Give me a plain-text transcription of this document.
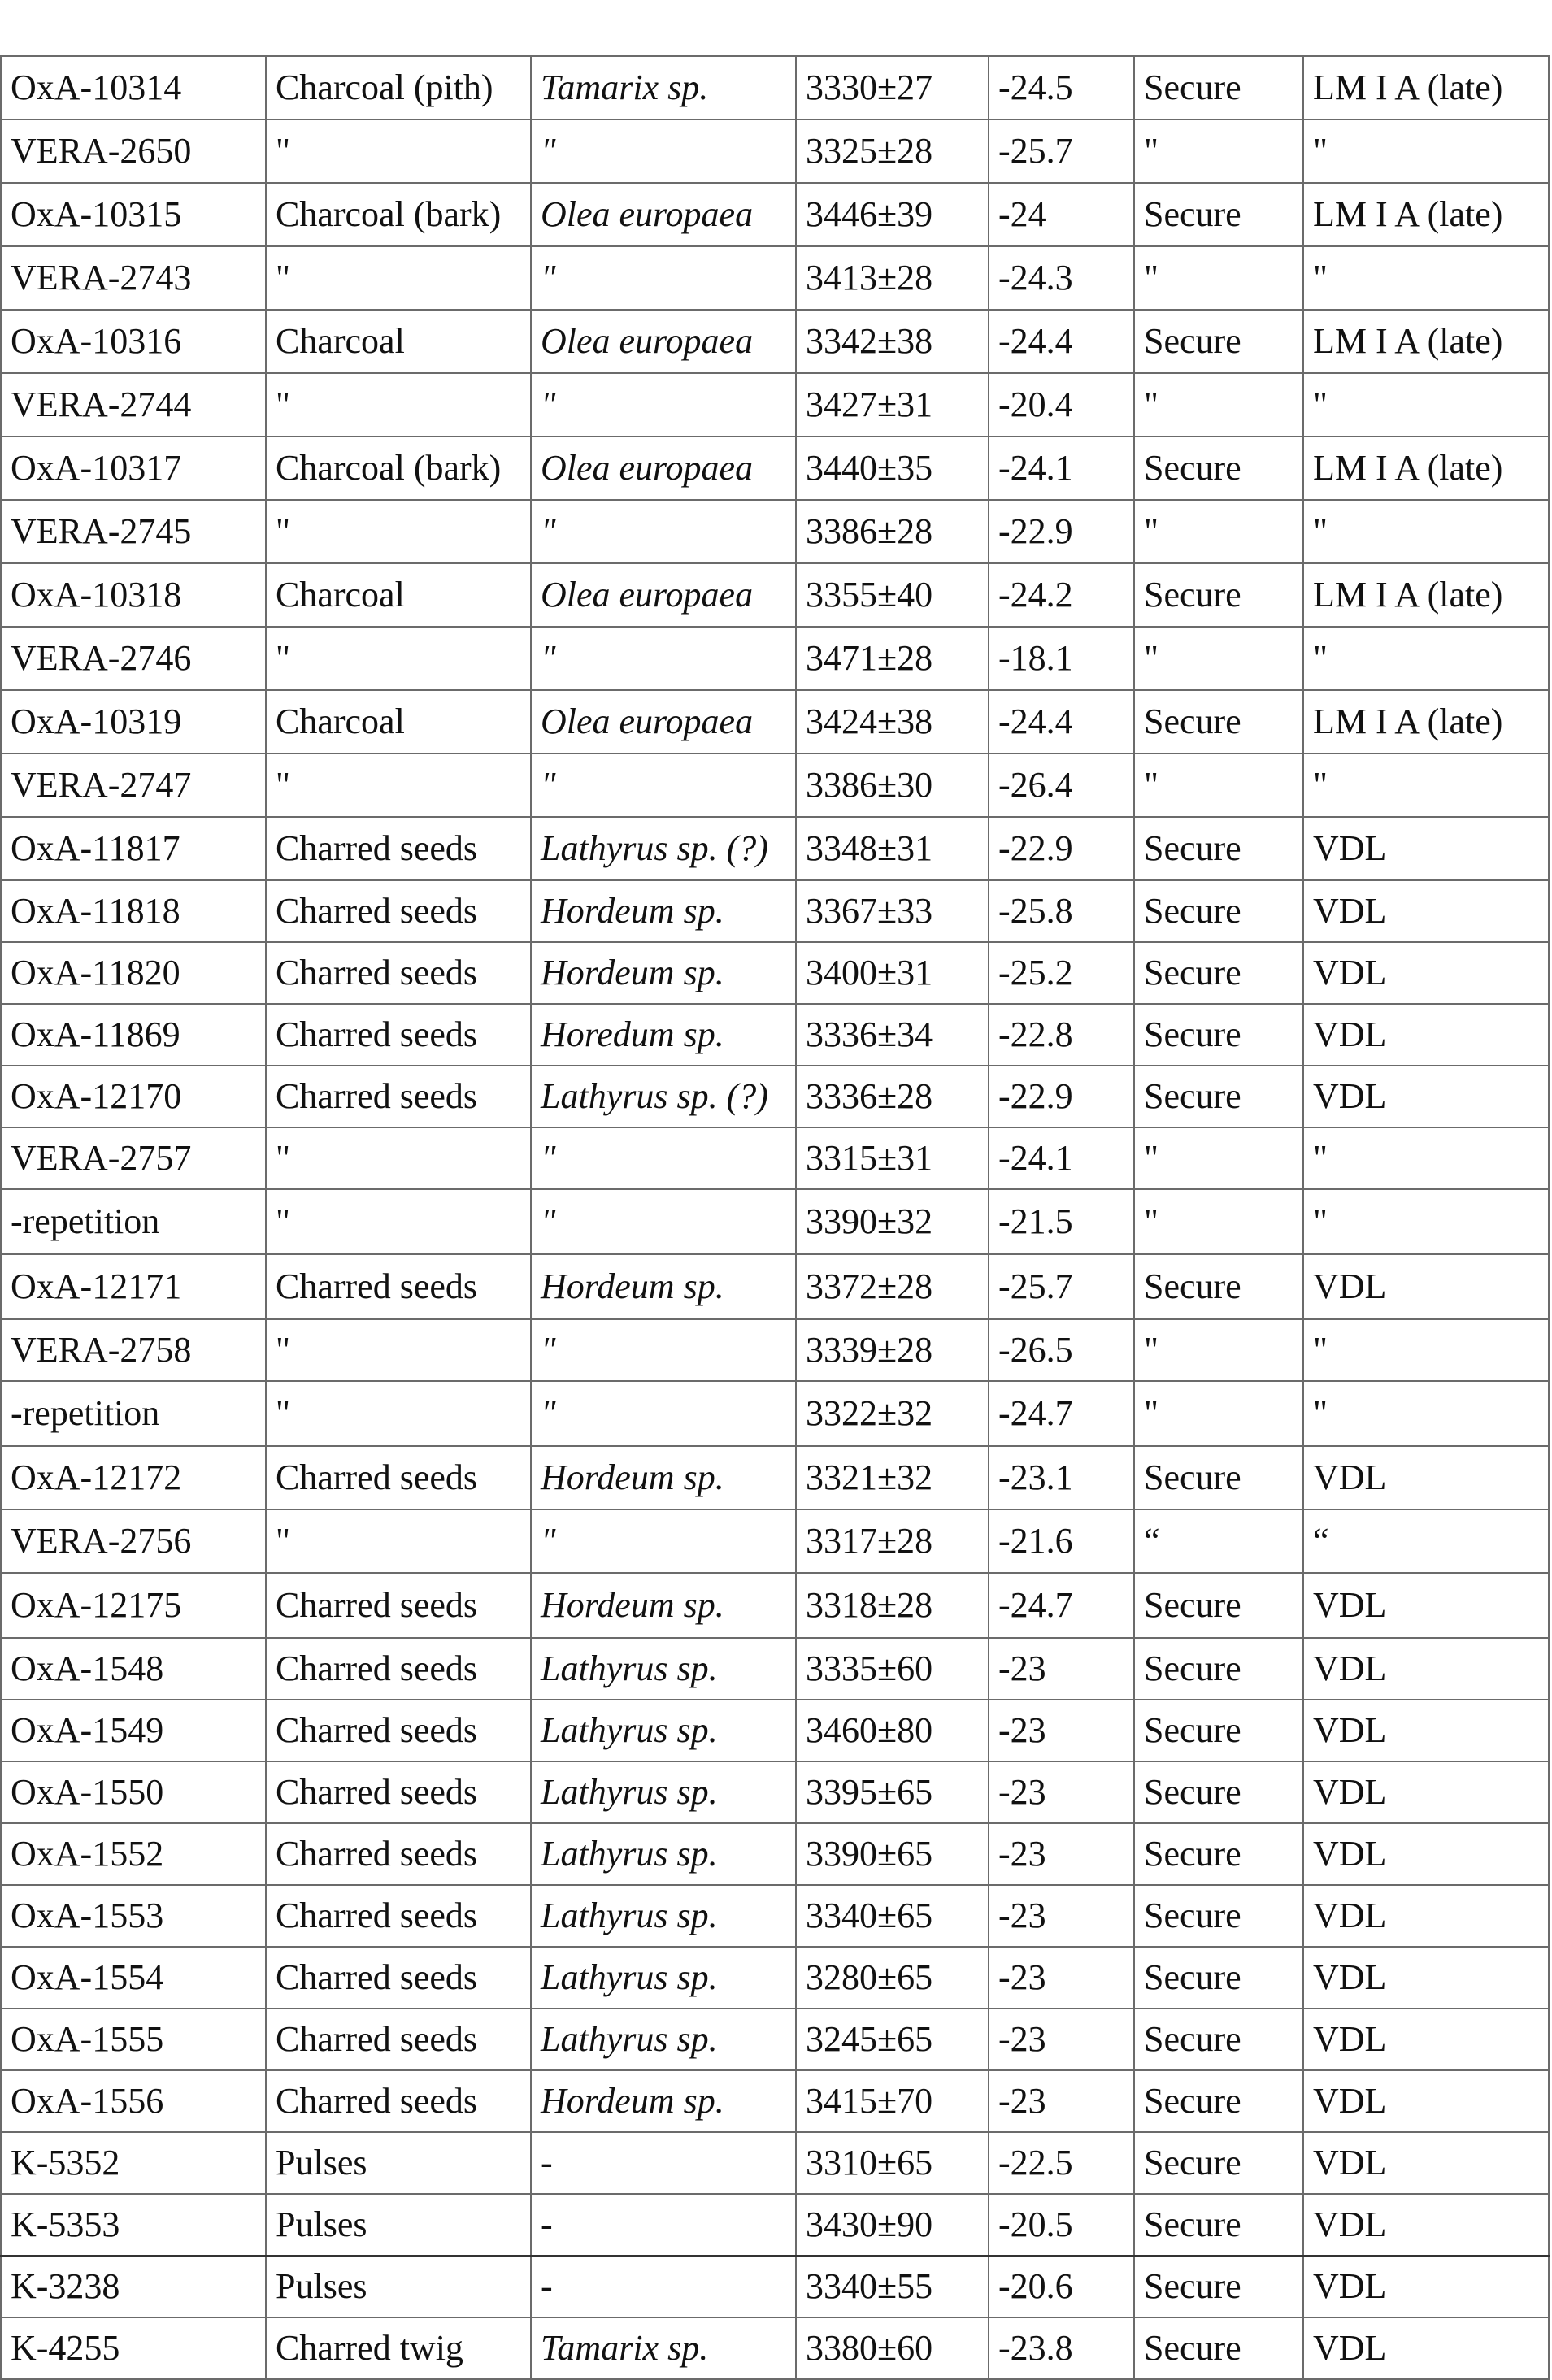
OxA-10314	Charcoal (pith)	Tamarix sp.	3330±27	-24.5	Secure	LM I A (late)
VERA-2650	"	"	3325±28	-25.7	"	"
OxA-10315	Charcoal (bark)	Olea europaea	3446±39	-24	Secure	LM I A (late)
VERA-2743	"	"	3413±28	-24.3	"	"
OxA-10316	Charcoal	Olea europaea	3342±38	-24.4	Secure	LM I A (late)
VERA-2744	"	"	3427±31	-20.4	"	"
OxA-10317	Charcoal (bark)	Olea europaea	3440±35	-24.1	Secure	LM I A (late)
VERA-2745	"	"	3386±28	-22.9	"	"
OxA-10318	Charcoal	Olea europaea	3355±40	-24.2	Secure	LM I A (late)
VERA-2746	"	"	3471±28	-18.1	"	"
OxA-10319	Charcoal	Olea europaea	3424±38	-24.4	Secure	LM I A (late)
VERA-2747	"	"	3386±30	-26.4	"	"
OxA-11817	Charred seeds	Lathyrus sp. (?)	3348±31	-22.9	Secure	VDL
OxA-11818	Charred seeds	Hordeum sp.	3367±33	-25.8	Secure	VDL
OxA-11820	Charred seeds	Hordeum sp.	3400±31	-25.2	Secure	VDL
OxA-11869	Charred seeds	Horedum sp.	3336±34	-22.8	Secure	VDL
OxA-12170	Charred seeds	Lathyrus sp. (?)	3336±28	-22.9	Secure	VDL
VERA-2757	"	"	3315±31	-24.1	"	"
-repetition	"	"	3390±32	-21.5	"	"
OxA-12171	Charred seeds	Hordeum sp.	3372±28	-25.7	Secure	VDL
VERA-2758	"	"	3339±28	-26.5	"	"
-repetition	"	"	3322±32	-24.7	"	"
OxA-12172	Charred seeds	Hordeum sp.	3321±32	-23.1	Secure	VDL
VERA-2756	"	"	3317±28	-21.6	“	“
OxA-12175	Charred seeds	Hordeum sp.	3318±28	-24.7	Secure	VDL
OxA-1548	Charred seeds	Lathyrus sp.	3335±60	-23	Secure	VDL
OxA-1549	Charred seeds	Lathyrus sp.	3460±80	-23	Secure	VDL
OxA-1550	Charred seeds	Lathyrus sp.	3395±65	-23	Secure	VDL
OxA-1552	Charred seeds	Lathyrus sp.	3390±65	-23	Secure	VDL
OxA-1553	Charred seeds	Lathyrus sp.	3340±65	-23	Secure	VDL
OxA-1554	Charred seeds	Lathyrus sp.	3280±65	-23	Secure	VDL
OxA-1555	Charred seeds	Lathyrus sp.	3245±65	-23	Secure	VDL
OxA-1556	Charred seeds	Hordeum sp.	3415±70	-23	Secure	VDL
K-5352	Pulses	-	3310±65	-22.5	Secure	VDL
K-5353	Pulses	-	3430±90	-20.5	Secure	VDL
K-3238	Pulses	-	3340±55	-20.6	Secure	VDL
K-4255	Charred twig	Tamarix sp.	3380±60	-23.8	Secure	VDL
